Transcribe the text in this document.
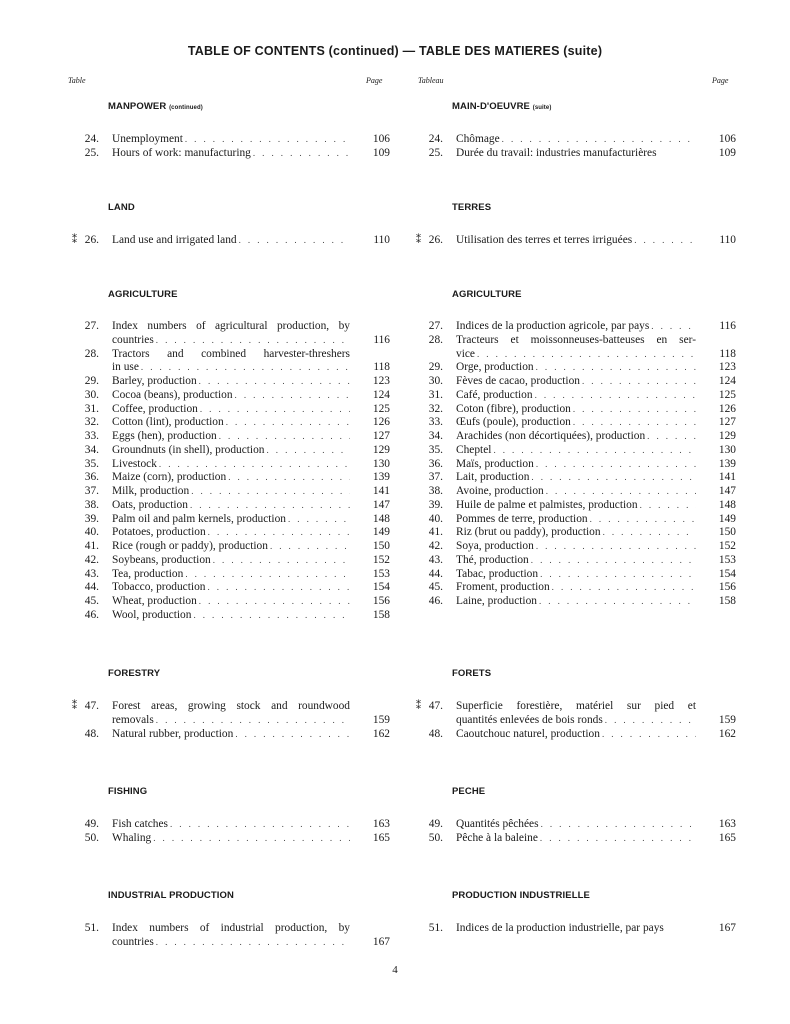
TABLE OF CONTENTS (continued) — TABLE DES MATIERES (suite)
Table	Page	Tableau	Page
MANPOWER (continued)
24. Unemployment . . .	106
25. Hours of work: manufacturing . . .	109
LAND
⁑ 26. Land use and irrigated land . . .	110
AGRICULTURE
27. Index numbers of agricultural production, by
countries . . .	116
28. Tractors and combined harvester-threshers
in use . . .	118
29. Barley, production . . .	123
30. Cocoa (beans), production . . .	124
31. Coffee, production . . .	125
32. Cotton (lint), production . . .	126
33. Eggs (hen), production . . .	127
34. Groundnuts (in shell), production . . .	129
35. Livestock . . .	130
36. Maize (corn), production . . .	139
37. Milk, production . . .	141
38. Oats, production . . .	147
39. Palm oil and palm kernels, production . . .	148
40. Potatoes, production . . .	149
41. Rice (rough or paddy), production . . .	150
42. Soybeans, production . . .	152
43. Tea, production . . .	153
44. Tobacco, production . . .	154
45. Wheat, production . . .	156
46. Wool, production . . .	158
FORESTRY
⁑ 47. Forest areas, growing stock and roundwood
removals . . .	159
48. Natural rubber, production . . .	162
FISHING
49. Fish catches . . .	163
50. Whaling . . .	165
INDUSTRIAL PRODUCTION
51. Index numbers of industrial production, by
countries . . .	167
MAIN-D'OEUVRE (suite)
24. Chômage . . .	106
25. Durée du travail: industries manufacturières	109
TERRES
⁑ 26. Utilisation des terres et terres irriguées . . .	110
AGRICULTURE
27. Indices de la production agricole, par pays . . .	116
28. Tracteurs et moissonneuses-batteuses en ser-
vice . . .	118
29. Orge, production . . .	123
30. Fèves de cacao, production . . .	124
31. Café, production . . .	125
32. Coton (fibre), production . . .	126
33. Œufs (poule), production . . .	127
34. Arachides (non décortiquées), production . . .	129
35. Cheptel . . .	130
36. Maïs, production . . .	139
37. Lait, production . . .	141
38. Avoine, production . . .	147
39. Huile de palme et palmistes, production . . .	148
40. Pommes de terre, production . . .	149
41. Riz (brut ou paddy), production . . .	150
42. Soya, production . . .	152
43. Thé, production . . .	153
44. Tabac, production . . .	154
45. Froment, production . . .	156
46. Laine, production . . .	158
FORETS
⁑ 47. Superficie forestière, matériel sur pied et
quantités enlevées de bois ronds . . .	159
48. Caoutchouc naturel, production . . .	162
PECHE
49. Quantités pêchées . . .	163
50. Pêche à la baleine . . .	165
PRODUCTION INDUSTRIELLE
51. Indices de la production industrielle, par pays	167
4
